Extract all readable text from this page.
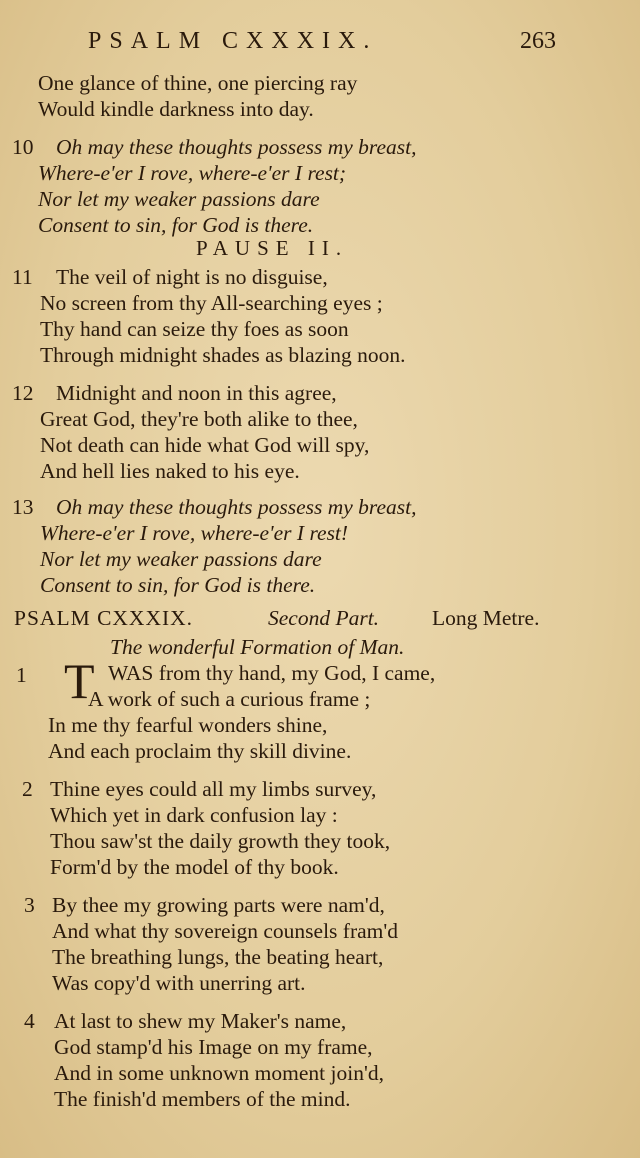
PSALM CXXXIX.	263
One glance of thine, one piercing ray
Would kindle darkness into day.
10 Oh may these thoughts possess my breast,
Where-e'er I rove, where-e'er I rest;
Nor let my weaker passions dare
Consent to sin, for God is there.
PAUSE II.
11 The veil of night is no disguise,
No screen from thy All-searching eyes ;
Thy hand can seize thy foes as soon
Through midnight shades as blazing noon.
12 Midnight and noon in this agree,
Great God, they're both alike to thee,
Not death can hide what God will spy,
And hell lies naked to his eye.
13 Oh may these thoughts possess my breast,
Where-e'er I rove, where-e'er I rest!
Nor let my weaker passions dare
Consent to sin, for God is there.
PSALM CXXXIX.	Second Part. Long Metre.
The wonderful Formation of Man.
1 T WAS from thy hand, my God, I came,
A work of such a curious frame ;
In me thy fearful wonders shine,
And each proclaim thy skill divine.
2 Thine eyes could all my limbs survey,
Which yet in dark confusion lay :
Thou saw'st the daily growth they took,
Form'd by the model of thy book.
3 By thee my growing parts were nam'd,
And what thy sovereign counsels fram'd
The breathing lungs, the beating heart,
Was copy'd with unerring art.
4 At last to shew my Maker's name,
God stamp'd his Image on my frame,
And in some unknown moment join'd,
The finish'd members of the mind.
